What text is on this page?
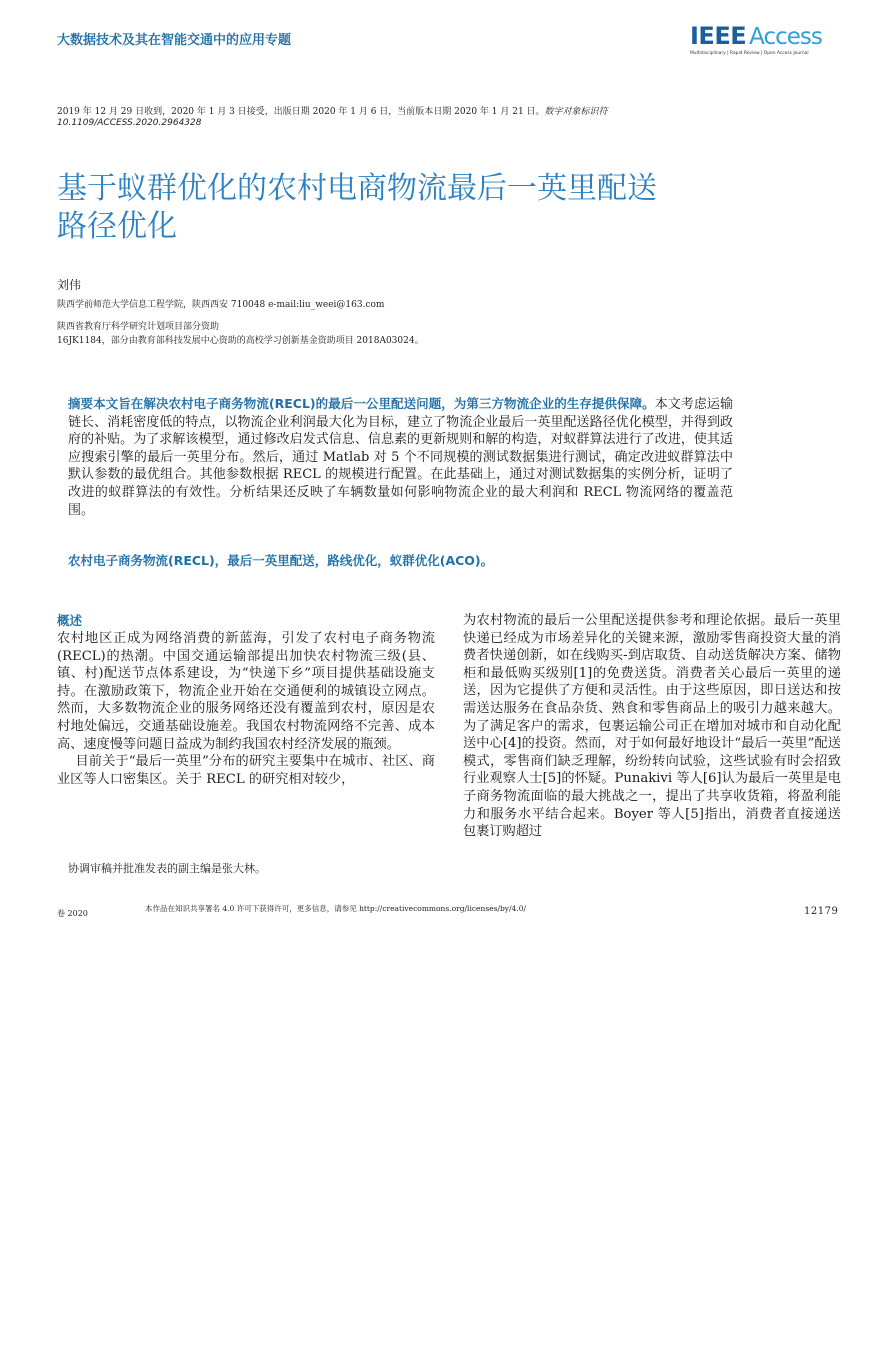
大数据技术及其在智能交通中的应用专题	IEEE Access
Multidisciplinary | Rapid Review | Open Access Journal
2019 年 12 月 29 日收到，2020 年 1 月 3 日接受，出版日期 2020 年 1 月 6 日，当前版本日期 2020 年 1 月 21 日。数字对象标识符
10.1109/ACCESS.2020.2964328
基于蚁群优化的农村电商物流最后一英里配送
路径优化
刘伟
陕西学前师范大学信息工程学院，陕西西安 710048 e-mail:liu_weei@163.com
陕西省教育厅科学研究计划项目部分资助
16JK1184，部分由教育部科技发展中心资助的高校学习创新基金资助项目 2018A03024。
摘要本文旨在解决农村电子商务物流(RECL)的最后一公里配送问题，为第三方物流企业的生存提供保障。本文考虑运输链长、消耗密度低的特点，以物流企业利润最大化为目标，建立了物流企业最后一英里配送路径优化模型，并得到政府的补贴。为了求解该模型，通过修改启发式信息、信息素的更新规则和解的构造，对蚁群算法进行了改进，使其适应搜索引擎的最后一英里分布。然后，通过 Matlab 对 5 个不同规模的测试数据集进行测试，确定改进蚁群算法中默认参数的最优组合。其他参数根据 RECL 的规模进行配置。在此基础上，通过对测试数据集的实例分析，证明了改进的蚁群算法的有效性。分析结果还反映了车辆数量如何影响物流企业的最大利润和 RECL 物流网络的覆盖范围。
农村电子商务物流(RECL)，最后一英里配送，路线优化，蚁群优化(ACO)。
概述

农村地区正成为网络消费的新蓝海，引发了农村电子商务物流(RECL)的热潮。中国交通运输部提出加快农村物流三级(县、镇、村)配送节点体系建设，为“快递下乡”项目提供基础设施支持。在激励政策下，物流企业开始在交通便利的城镇设立网点。然而，大多数物流企业的服务网络还没有覆盖到农村，原因是农村地处偏远，交通基础设施差。我国农村物流网络不完善、成本高、速度慢等问题日益成为制约我国农村经济发展的瓶颈。

目前关于“最后一英里”分布的研究主要集中在城市、社区、商业区等人口密集区。关于 RECL 的研究相对较少，

为农村物流的最后一公里配送提供参考和理论依据。最后一英里快递已经成为市场差异化的关键来源，激励零售商投资大量的消费者快递创新，如在线购买-到店取货、自动送货解决方案、储物柜和最低购买级别[1]的免费送货。消费者关心最后一英里的递送，因为它提供了方便和灵活性。由于这些原因，即日送达和按需送达服务在食品杂货、熟食和零售商品上的吸引力越来越大。为了满足客户的需求，包裹运输公司正在增加对城市和自动化配送中心[4]的投资。然而，对于如何最好地设计“最后一英里”配送模式，零售商们缺乏理解，纷纷转向试验，这些试验有时会招致行业观察人士[5]的怀疑。Punakivi 等人[6]认为最后一英里是电子商务物流面临的最大挑战之一，提出了共享收货箱，将盈利能力和服务水平结合起来。Boyer 等人[5]指出，消费者直接递送包裹订购超过

协调审稿并批准发表的副主编是张大林。
卷 2020
本作品在知识共享署名 4.0 许可下获得许可，更多信息，请参见 http://creativecommons.org/licenses/by/4.0/	12179
